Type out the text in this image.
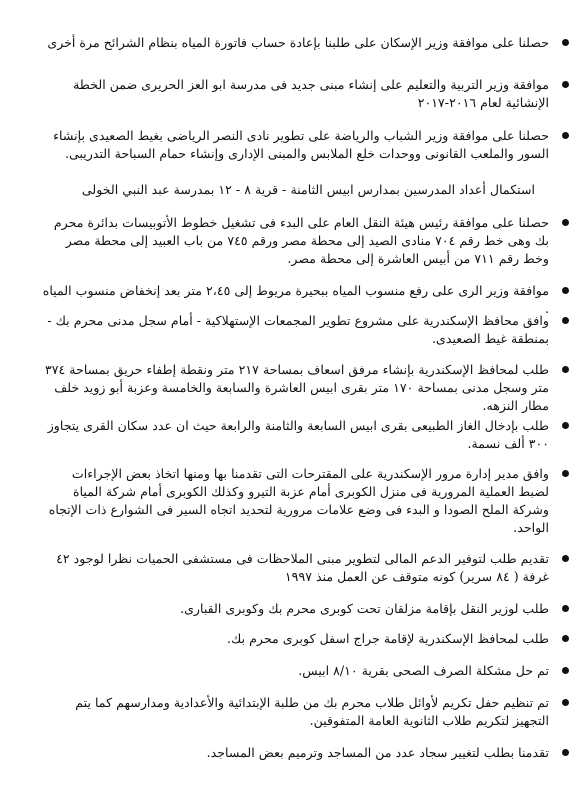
حصلنا على موافقة وزير الإسكان على طلبنا بإعادة حساب فاتورة المياه بنظام الشرائح مرة أخرى
موافقة وزير التربية والتعليم على إنشاء مبنى جديد فى مدرسة ابو العز الحريرى ضمن الخطة الإنشائية لعام ٢٠١٦-٢٠١٧
حصلنا على موافقة وزير الشباب والرياضة على تطوير نادى النصر الرياضى بغيط الصعيدى بإنشاء السور والملعب القانونى ووحدات خلع الملابس والمبنى الإدارى وإنشاء حمام السباحة التدريبى.
استكمال أعداد المدرسين بمدارس ابيس الثامنة - قرية ٨ - ١٢ بمدرسة عبد النبي الخولى
حصلنا على موافقة رئيس هيئة النقل العام على البدء فى تشغيل خطوط الأتوبيسات بدائرة محرم بك وهى خط رقم ٧٠٤ منادى الصيد إلى محطة مصر ورقم ٧٤٥ من باب العبيد إلى محطة مصر وخط رقم ٧١١ من أبيس العاشرة إلى محطة مصر.
موافقة وزير الرى على رفع منسوب المياه ببحيرة مريوط إلى ٢،٤٥ متر بعد إنخفاض منسوب المياه .
وافق محافظ الإسكندرية على مشروع تطوير المجمعات الإستهلاكية - أمام سجل مدنى محرم بك - بمنطقة غيط الصعيدى.
طلب لمحافظ الإسكندرية بإنشاء مرفق اسعاف بمساحة ٢١٧ متر ونقطة إطفاء حريق بمساحة ٣٧٤ متر وسجل مدنى بمساحة ١٧٠ متر بقرى ابيس العاشرة والسابعة والخامسة وعزبة أبو زويد خلف مطار النزهه.
طلب بإدخال الغاز الطبيعى بقرى ابيس السابعة والثامنة والرابعة حيث ان عدد سكان القرى يتجاوز ٣٠٠ ألف نسمة.
وافق مدير إدارة مرور الإسكندرية على المقترحات التى تقدمنا بها ومنها اتخاذ بعض الإجراءات لضبط العملية المرورية فى منزل الكوبرى أمام عزبة التيرو وكذلك الكوبرى أمام شركة المياة وشركة الملح الصودا و البدء فى وضع علامات مرورية لتحديد اتجاه السير فى الشوارع ذات الإتجاه الواحد.
تقديم طلب لتوفير الدعم المالى لتطوير مبنى الملاحظات فى مستشفى الحميات نظرا لوجود ٤٢ غرفة ( ٨٤ سرير) كونه متوقف عن العمل منذ ١٩٩٧
طلب لوزير النقل بإقامة مزلقان تحت كوبرى محرم بك وكوبرى القبارى.
طلب لمحافظ الإسكندرية لإقامة جراج اسفل كوبرى محرم بك.
تم حل مشكلة الصرف الصحى بقرية ٨/١٠ ابيس.
تم تنظيم حفل تكريم لأوائل طلاب محرم بك من طلبة الإبتدائية والأعدادية ومدارسهم كما يتم التجهيز لتكريم طلاب الثانوية العامة المتفوقين.
تقدمنا بطلب لتغيير سجاد عدد من المساجد وترميم بعض المساجد.
